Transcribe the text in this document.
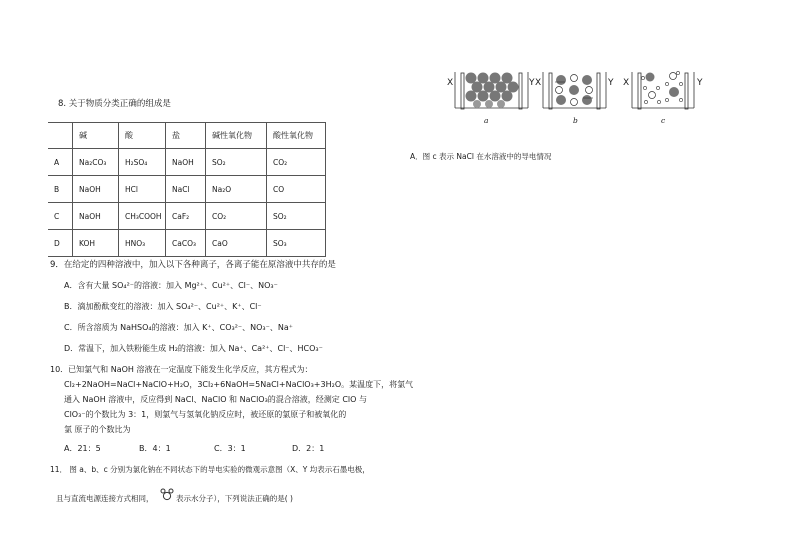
8. 关于物质分类正确的组成是
	碱	酸	盐	碱性氧化物	酸性氧化物
A	Na₂CO₃	H₂SO₄	NaOH	SO₂	CO₂
B	NaOH	HCl	NaCl	Na₂O	CO
C	NaOH	CH₃COOH	CaF₂	CO₂	SO₂
D	KOH	HNO₃	CaCO₃	CaO	SO₃
9．在给定的四种溶液中，加入以下各种离子，各离子能在原溶液中共存的是
A．含有大量 SO₄²⁻的溶液：加入 Mg²⁺、Cu²⁺、Cl⁻、NO₃⁻
B．滴加酚酞变红的溶液：加入 SO₄²⁻、Cu²⁺、K⁺、Cl⁻
C．所含溶质为 NaHSO₄的溶液：加入 K⁺、CO₃²⁻、NO₃⁻、Na⁺
D．常温下，加入铁粉能生成 H₂的溶液：加入 Na⁺、Ca²⁺、Cl⁻、HCO₃⁻
10．已知氯气和 NaOH 溶液在一定温度下能发生化学反应，其方程式为：
Cl₂+2NaOH=NaCl+NaClO+H₂O，3Cl₂+6NaOH=5NaCl+NaClO₃+3H₂O。某温度下，将氯气
通入 NaOH 溶液中，反应得到 NaCl、NaClO 和 NaClO₃的混合溶液，经测定 ClO 与
ClO₃⁻的个数比为 3：1，则氯气与氢氧化钠反应时，被还原的氯原子和被氧化的
氯 原子的个数比为
A．21：5	B．4：1	C．3：1	D．2：1
11． 图 a、b、c 分别为氯化钠在不同状态下的导电实验的微观示意图（X、Y 均表示石墨电极，
且与直流电源连接方式相同，	表示水分子），下列说法正确的是( )
X	Y X	Y X	Y
a	b	c
A．图 c 表示 NaCl 在水溶液中的导电情况
